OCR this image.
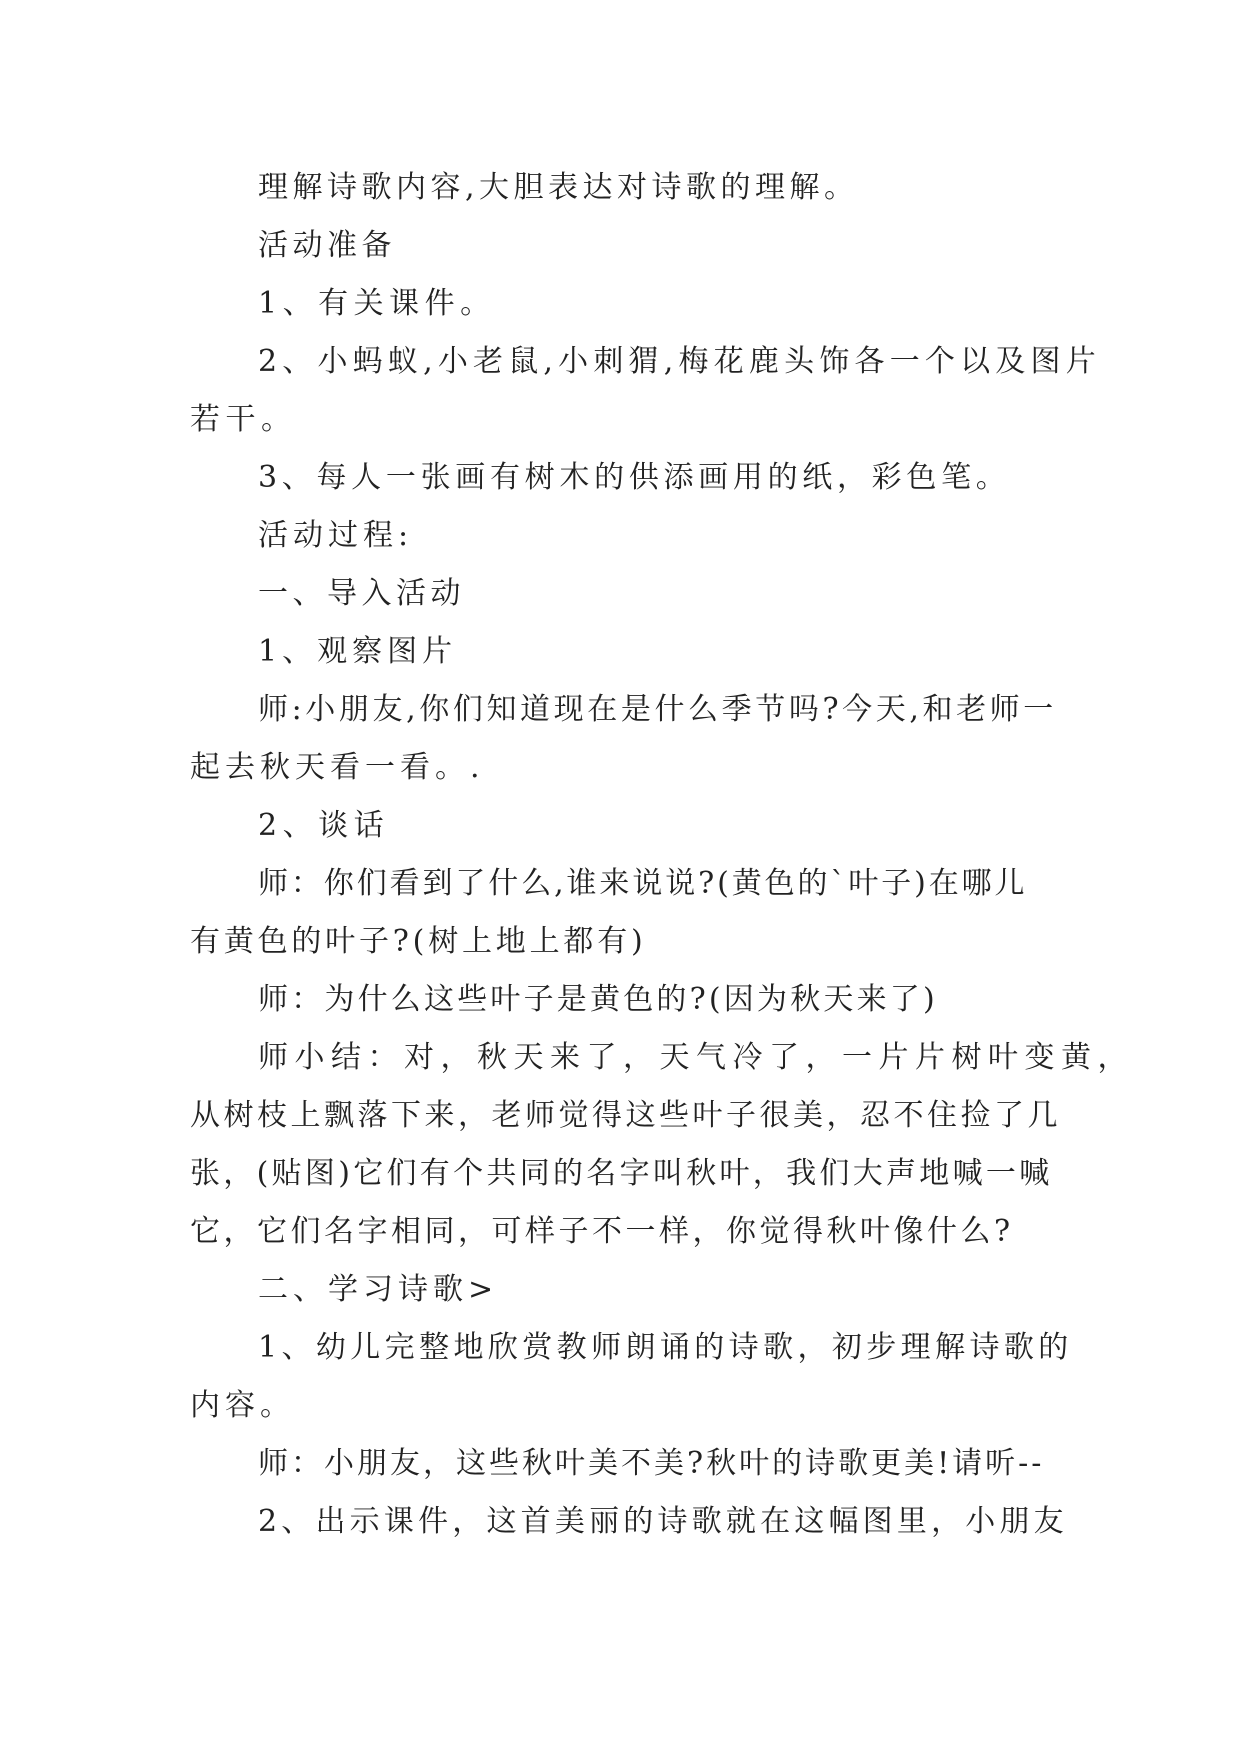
理解诗歌内容,大胆表达对诗歌的理解。
活动准备
1、有关课件。
2、小蚂蚁,小老鼠,小刺猬,梅花鹿头饰各一个以及图片
若干。
3、每人一张画有树木的供添画用的纸，彩色笔。
活动过程:
一、导入活动
1、观察图片
师:小朋友,你们知道现在是什么季节吗?今天,和老师一
起去秋天看一看。.
2、谈话
师：你们看到了什么,谁来说说?(黄色的`叶子)在哪儿
有黄色的叶子?(树上地上都有)
师：为什么这些叶子是黄色的?(因为秋天来了)
师小结：对，秋天来了，天气冷了，一片片树叶变黄，
从树枝上飘落下来，老师觉得这些叶子很美，忍不住捡了几
张，(贴图)它们有个共同的名字叫秋叶，我们大声地喊一喊
它，它们名字相同，可样子不一样，你觉得秋叶像什么?
二、学习诗歌>
1、幼儿完整地欣赏教师朗诵的诗歌，初步理解诗歌的
内容。
师：小朋友，这些秋叶美不美?秋叶的诗歌更美!请听--
2、出示课件，这首美丽的诗歌就在这幅图里，小朋友
